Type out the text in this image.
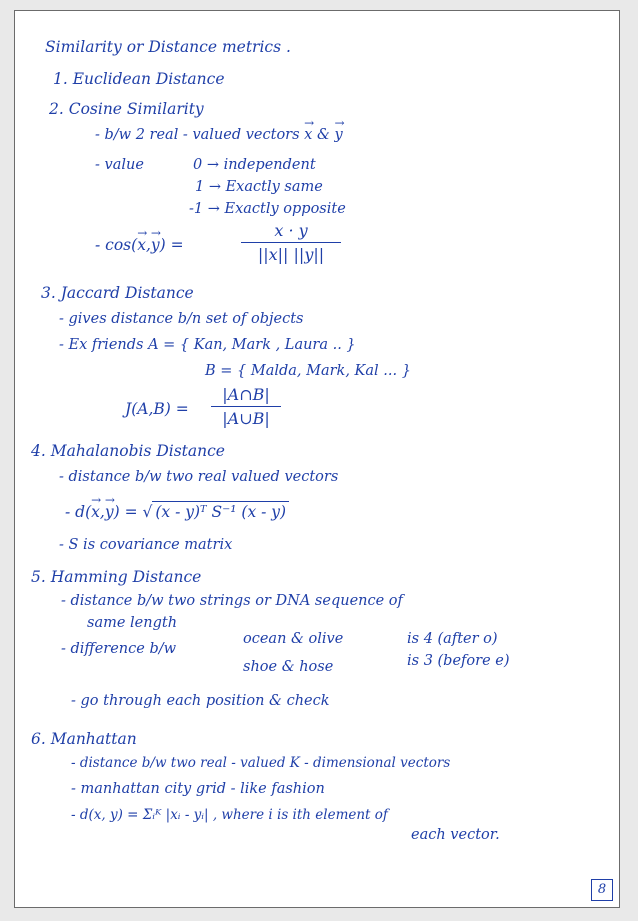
Similarity or Distance metrics .
1. Euclidean Distance
2. Cosine Similarity
- b/w 2 real - valued vectors → x & → y
- value	0 → independent
1 → Exactly same
-1 → Exactly opposite
- cos(→ x,→ y) =
x · y
||x|| ||y||
3. Jaccard Distance
- gives distance b/n set of objects
- Ex friends A = { Kan, Mark , Laura .. }
B = { Malda, Mark, Kal ... }
J(A,B) =
|A∩B|
|A∪B|
4. Mahalanobis Distance
- distance b/w two real valued vectors
- d(→ x,→ y) = √ (x - y)ᵀ S⁻¹ (x - y)
- S is covariance matrix
5. Hamming Distance
- distance b/w two strings or DNA sequence of
same length
- difference b/w
ocean & olive	is 4 (after o)
shoe & hose	is 3 (before e)
- go through each position & check
6. Manhattan
- distance b/w two real - valued K - dimensional vectors
- manhattan city grid - like fashion
- d(x, y) = Σᵢᴷ |xᵢ - yᵢ| , where i is ith element of
each vector.
8
